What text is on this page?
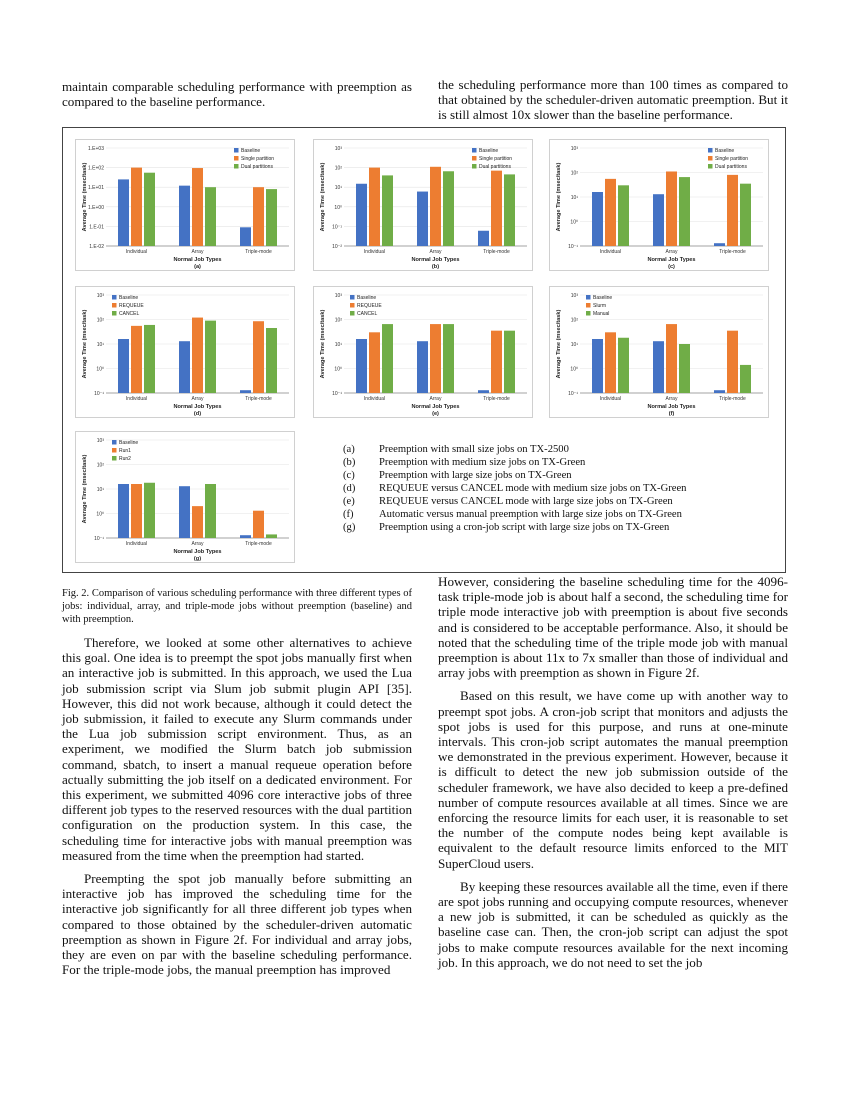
maintain comparable scheduling performance with preemption as compared to the baseline performance.

the scheduling performance more than 100 times as compared to that obtained by the scheduler-driven automatic preemption. But it is still almost 10x slower than the baseline performance.

1.E-02
1.E-01
1.E+00
1.E+01
1.E+02
1.E+03
Individual	Array	Triple-mode
Normal Job Types
(a)
Average Time (msec/task)
Baseline
Single partition
Dual partitions
10⁻²
10⁻¹
10⁰
10¹
10²
10³
Individual	Array	Triple-mode
Normal Job Types
(b)
Average Time (msec/task)
Baseline
Single partition
Dual partitions
10⁻¹
10⁰
10¹
10²
10³
Individual	Array	Triple-mode
Normal Job Types
(c)
Average Time (msec/task)
Baseline
Single partition
Dual partitions
10⁻¹
10⁰
10¹
10²
10³
Individual	Array	Triple-mode
Normal Job Types
(d)
Average Time (msec/task)
Baseline
REQUEUE
CANCEL
10⁻¹
10⁰
10¹
10²
10³
Individual	Array	Triple-mode
Normal Job Types
(e)
Average Time (msec/task)
Baseline
REQUEUE
CANCEL
10⁻¹
10⁰
10¹
10²
10³
Individual	Array	Triple-mode
Normal Job Types
(f)
Average Time (msec/task)
Baseline
Slurm
Manual
10⁻¹
10⁰
10¹
10²
10³
Individual	Array	Triple-mode
Normal Job Types
(g)
Average Time (msec/task)
Baseline
Run1
Run2
(a)	Preemption with small size jobs on TX-2500
(b)	Preemption with medium size jobs on TX-Green
(c)	Preemption with large size jobs on TX-Green
(d)	REQUEUE versus CANCEL mode with medium size jobs on TX-Green
(e)	REQUEUE versus CANCEL mode with large size jobs on TX-Green
(f)	Automatic versus manual preemption with large size jobs on TX-Green
(g)	Preemption using a cron-job script with large size jobs on TX-Green
Fig. 2. Comparison of various scheduling performance with three different types of jobs: individual, array, and triple-mode jobs without preemption (baseline) and with preemption.

Therefore, we looked at some other alternatives to achieve this goal. One idea is to preempt the spot jobs manually first when an interactive job is submitted. In this approach, we used the Lua job submission script via Slum job submit plugin API [35]. However, this did not work because, although it could detect the job submission, it failed to execute any Slurm commands under the Lua job submission script environment. Thus, as an experiment, we modified the Slurm batch job submission command, sbatch, to insert a manual requeue operation before actually submitting the job itself on a dedicated environment. For this experiment, we submitted 4096 core interactive jobs of three different job types to the reserved resources with the dual partition configuration on the production system. In this case, the scheduling time for interactive jobs with manual preemption was measured from the time when the preemption had started.

Preempting the spot job manually before submitting an interactive job has improved the scheduling time for the interactive job significantly for all three different job types when compared to those obtained by the scheduler-driven automatic preemption as shown in Figure 2f. For individual and array jobs, they are even on par with the baseline scheduling performance. For the triple-mode jobs, the manual preemption has improved

However, considering the baseline scheduling time for the 4096-task triple-mode job is about half a second, the scheduling time for triple mode interactive job with preemption is about five seconds and is considered to be acceptable performance. Also, it should be noted that the scheduling time of the triple mode job with manual preemption is about 11x to 7x smaller than those of individual and array jobs with preemption as shown in Figure 2f.

Based on this result, we have come up with another way to preempt spot jobs. A cron-job script that monitors and adjusts the spot jobs is used for this purpose, and runs at one-minute intervals. This cron-job script automates the manual preemption we demonstrated in the previous experiment. However, because it is difficult to detect the new job submission outside of the scheduler framework, we have also decided to keep a pre-defined number of compute resources available at all times. Since we are enforcing the resource limits for each user, it is reasonable to set the number of the compute nodes being kept available is equivalent to the default resource limits enforced to the MIT SuperCloud users.

By keeping these resources available all the time, even if there are spot jobs running and occupying compute resources, whenever a new job is submitted, it can be scheduled as quickly as the baseline case can. Then, the cron-job script can adjust the spot jobs to make compute resources available for the next incoming job. In this approach, we do not need to set the job
